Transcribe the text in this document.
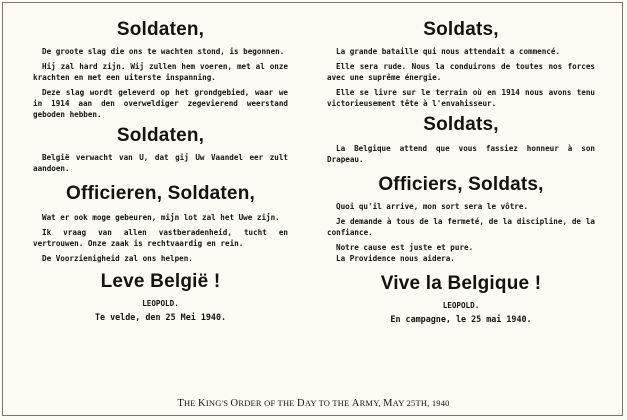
Soldaten,

De groote slag die ons te wachten stond, is begonnen.

Hij zal hard zijn. Wij zullen hem voeren, met al onze krachten en met een uiterste inspanning.

Deze slag wordt geleverd op het grondgebied, waar we in 1914 aan den overweldiger zegevierend weerstand geboden hebben.

Soldaten,

België verwacht van U, dat gij Uw Vaandel eer zult aandoen.

Officieren, Soldaten,

Wat er ook moge gebeuren, mijn lot zal het Uwe zijn.

Ik vraag van allen vastberadenheid, tucht en vertrouwen. Onze zaak is rechtvaardig en rein.

De Voorzienigheid zal ons helpen.

Leve België !

LEOPOLD.

Te velde, den 25 Mei 1940.

Soldats,

La grande bataille qui nous attendait a commencé.

Elle sera rude. Nous la conduirons de toutes nos forces avec une suprême énergie.

Elle se livre sur le terrain où en 1914 nous avons tenu victorieusement tête à l'envahisseur.

Soldats,

La Belgique attend que vous fassiez honneur à son Drapeau.

Officiers, Soldats,

Quoi qu'il arrive, mon sort sera le vôtre.

Je demande à tous de la fermeté, de la discipline, de la confiance.

Notre cause est juste et pure.

La Providence nous aidera.

Vive la Belgique !

LEOPOLD.

En campagne, le 25 mai 1940.

THE KING'S ORDER OF THE DAY TO THE ARMY, MAY 25TH, 1940
